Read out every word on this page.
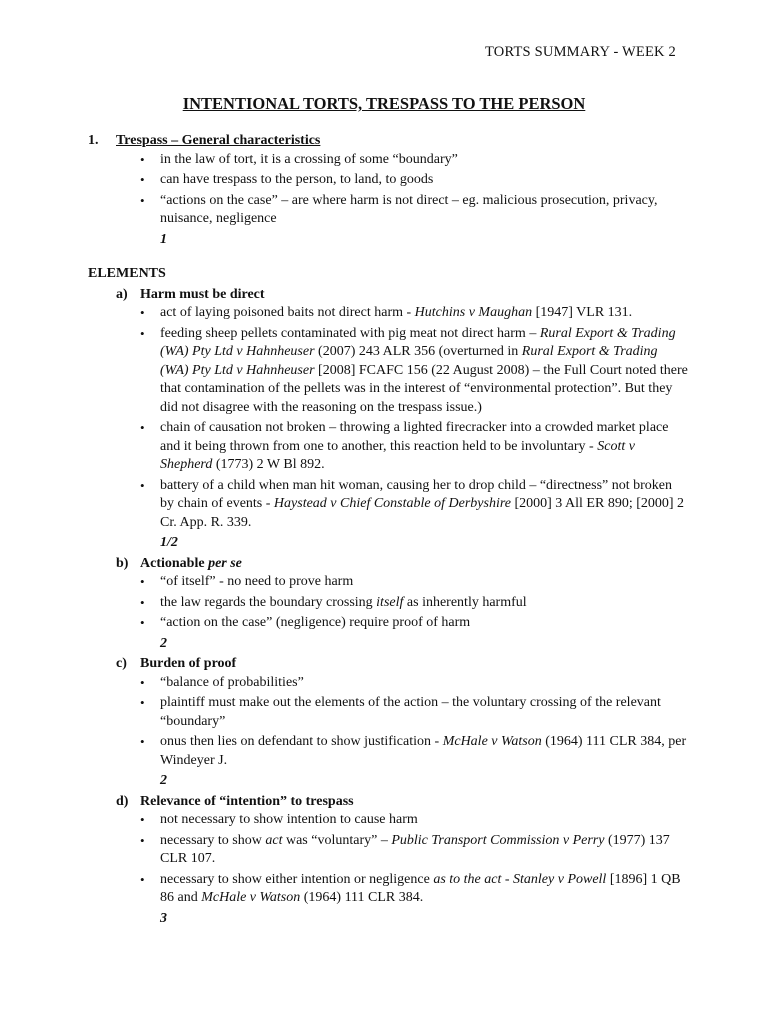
TORTS SUMMARY - WEEK 2
INTENTIONAL TORTS, TRESPASS TO THE PERSON
1. Trespass – General characteristics
• in the law of tort, it is a crossing of some “boundary”
• can have trespass to the person, to land, to goods
• “actions on the case” – are where harm is not direct – eg. malicious prosecution, privacy, nuisance, negligence
1
ELEMENTS
a) Harm must be direct
• act of laying poisoned baits not direct harm - Hutchins v Maughan [1947] VLR 131.
• feeding sheep pellets contaminated with pig meat not direct harm – Rural Export & Trading (WA) Pty Ltd v Hahnheuser (2007) 243 ALR 356 (overturned in Rural Export & Trading (WA) Pty Ltd v Hahnheuser [2008] FCAFC 156 (22 August 2008) – the Full Court noted there that contamination of the pellets was in the interest of “environmental protection”. But they did not disagree with the reasoning on the trespass issue.)
• chain of causation not broken – throwing a lighted firecracker into a crowded market place and it being thrown from one to another, this reaction held to be involuntary - Scott v Shepherd (1773) 2 W Bl 892.
• battery of a child when man hit woman, causing her to drop child – “directness” not broken by chain of events - Haystead v Chief Constable of Derbyshire [2000] 3 All ER 890; [2000] 2 Cr. App. R. 339.
1/2
b) Actionable per se
• “of itself” - no need to prove harm
• the law regards the boundary crossing itself as inherently harmful
• “action on the case” (negligence) require proof of harm
2
c) Burden of proof
• “balance of probabilities”
• plaintiff must make out the elements of the action – the voluntary crossing of the relevant “boundary”
• onus then lies on defendant to show justification - McHale v Watson (1964) 111 CLR 384, per Windeyer J.
2
d) Relevance of “intention” to trespass
• not necessary to show intention to cause harm
• necessary to show act was “voluntary” – Public Transport Commission v Perry (1977) 137 CLR 107.
• necessary to show either intention or negligence as to the act - Stanley v Powell [1896] 1 QB 86 and McHale v Watson (1964) 111 CLR 384.
3
